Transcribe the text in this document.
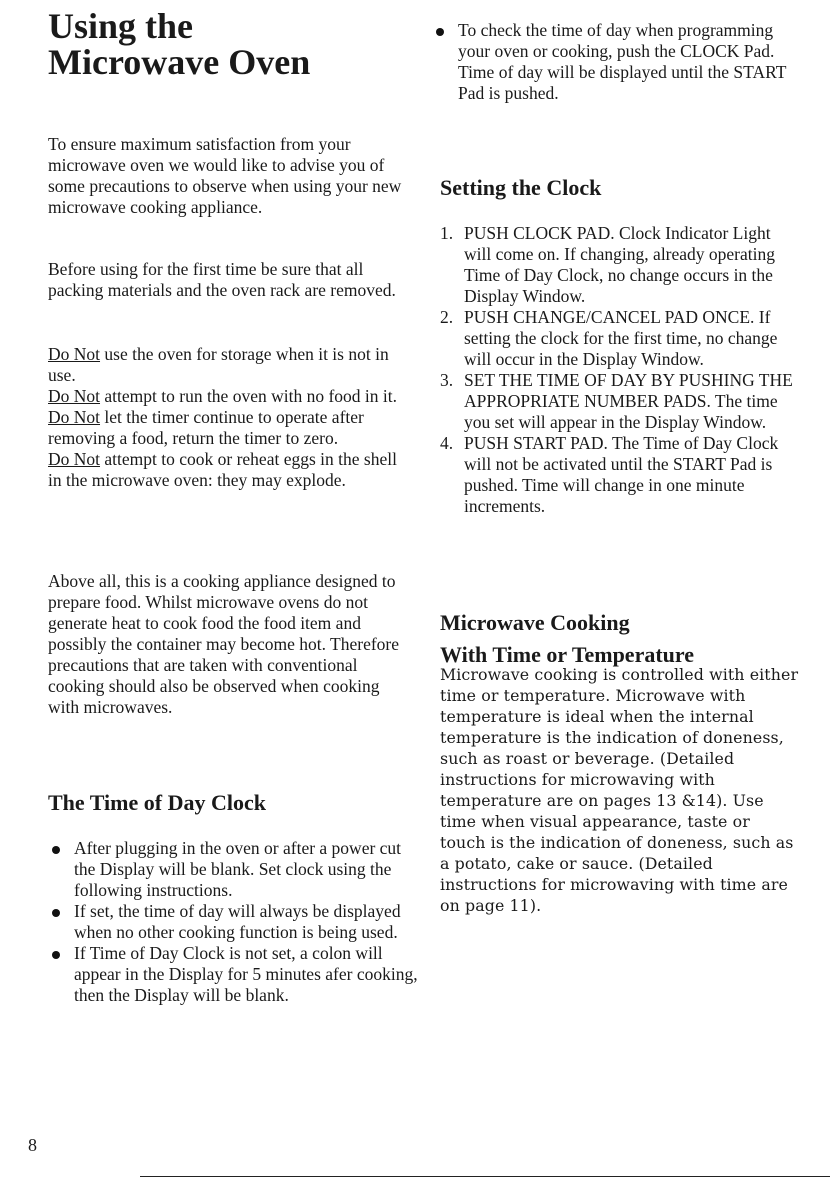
Using the
Microwave Oven

To ensure maximum satisfaction from your microwave oven we would like to advise you of some precautions to observe when using your new microwave cooking appliance.

Before using for the first time be sure that all packing materials and the oven rack are removed.

Do Not use the oven for storage when it is not in use.
Do Not attempt to run the oven with no food in it.
Do Not let the timer continue to operate after removing a food, return the timer to zero.
Do Not attempt to cook or reheat eggs in the shell in the microwave oven: they may explode.

Above all, this is a cooking appliance designed to prepare food. Whilst microwave ovens do not generate heat to cook food the food item and possibly the container may become hot. Therefore precautions that are taken with conventional cooking should also be observed when cooking with microwaves.

The Time of Day Clock
After plugging in the oven or after a power cut the Display will be blank. Set clock using the following instructions.
If set, the time of day will always be displayed when no other cooking function is being used.
If Time of Day Clock is not set, a colon will appear in the Display for 5 minutes afer cooking, then the Display will be blank.
To check the time of day when programming your oven or cooking, push the CLOCK Pad. Time of day will be displayed until the START Pad is pushed.
Setting the Clock
1. PUSH CLOCK PAD. Clock Indicator Light will come on. If changing, already operating Time of Day Clock, no change occurs in the Display Window.
2. PUSH CHANGE/CANCEL PAD ONCE. If setting the clock for the first time, no change will occur in the Display Window.
3. SET THE TIME OF DAY BY PUSHING THE APPROPRIATE NUMBER PADS. The time you set will appear in the Display Window.
4. PUSH START PAD. The Time of Day Clock will not be activated until the START Pad is pushed. Time will change in one minute increments.
Microwave Cooking
With Time or Temperature

Microwave cooking is controlled with either time or temperature. Microwave with temperature is ideal when the internal temperature is the indication of doneness, such as roast or beverage. (Detailed instructions for microwaving with temperature are on pages 13 &14). Use time when visual appearance, taste or touch is the indication of doneness, such as a potato, cake or sauce. (Detailed instructions for microwaving with time are on page 11).

8
